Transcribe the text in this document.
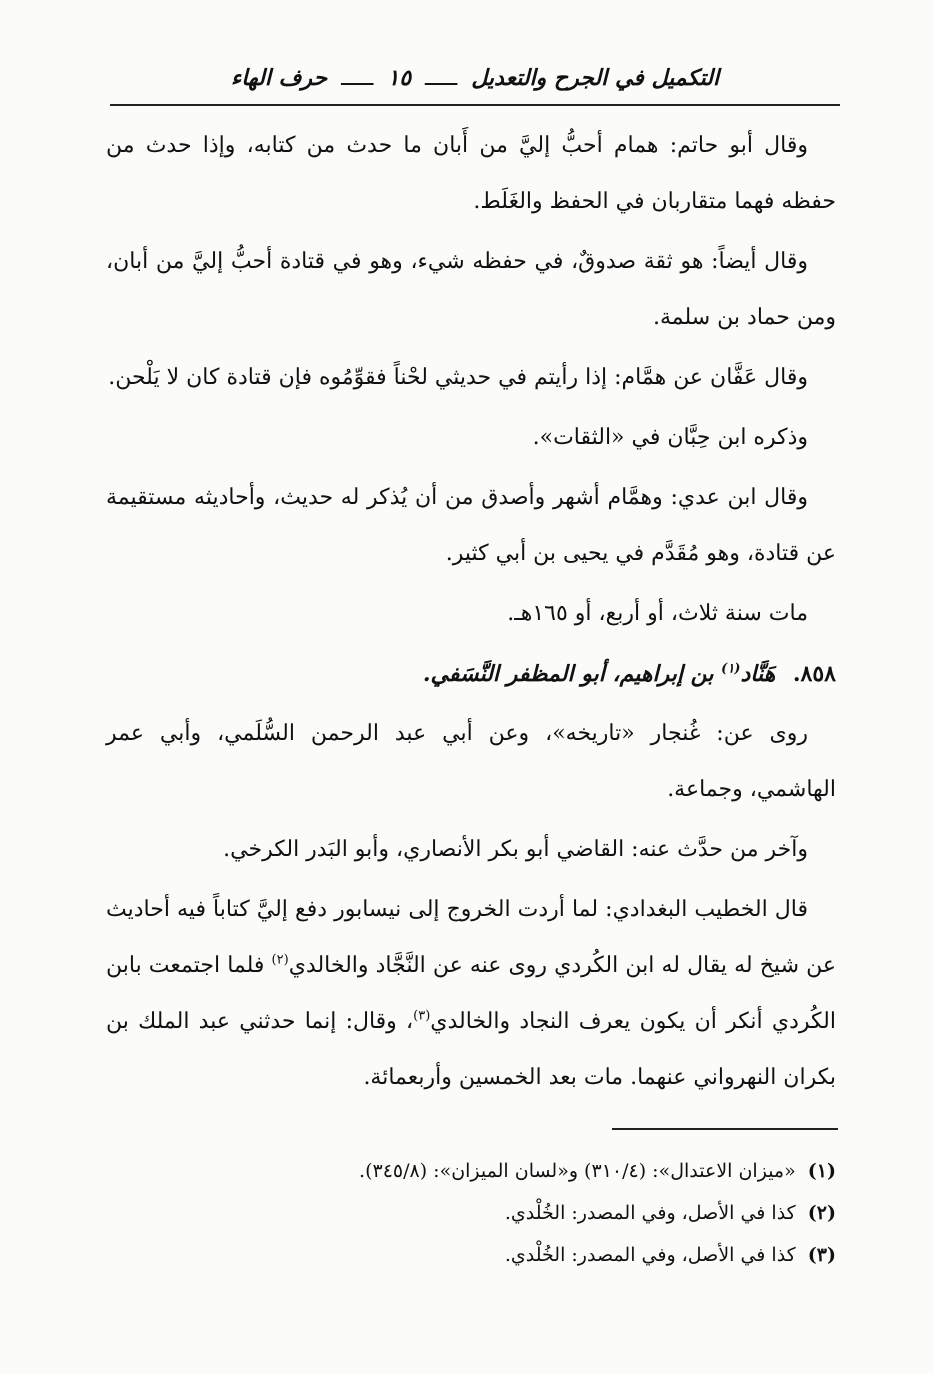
التكميل في الجرح والتعديل
ـــــ
١٥
ـــــ
حرف الهاء

وقال أبو حاتم: همام أحبُّ إليَّ من أَبان ما حدث من كتابه، وإذا حدث من حفظه فهما متقاربان في الحفظ والغَلَط.

وقال أيضاً: هو ثقة صدوقٌ، في حفظه شيء، وهو في قتادة أحبُّ إليَّ من أبان، ومن حماد بن سلمة.

وقال عَفَّان عن همَّام: إذا رأيتم في حديثي لحْناً فقوِّمُوه فإن قتادة كان لا يَلْحن.

وذكره ابن حِبَّان في «الثقات».

وقال ابن عدي: وهمَّام أشهر وأصدق من أن يُذكر له حديث، وأحاديثه مستقيمة عن قتادة، وهو مُقَدَّم في يحيى بن أبي كثير.

مات سنة ثلاث، أو أربع، أو ١٦٥هـ.

٨٥٨. هَنَّاد$^{(١)}$ بن إبراهيم، أبو المظفر النَّسَفي.

روى عن: غُنجار «تاريخه»، وعن أبي عبد الرحمن السُّلَمي، وأبي عمر الهاشمي، وجماعة.

وآخر من حدَّث عنه: القاضي أبو بكر الأنصاري، وأبو البَدر الكرخي.

قال الخطيب البغدادي: لما أردت الخروج إلى نيسابور دفع إليَّ كتاباً فيه أحاديث عن شيخ له يقال له ابن الكُردي روى عنه عن النَّجَّاد والخالدي$^{(٢)}$ فلما اجتمعت بابن الكُردي أنكر أن يكون يعرف النجاد والخالدي$^{(٣)}$، وقال: إنما حدثني عبد الملك بن بكران النهرواني عنهما. مات بعد الخمسين وأربعمائة.

(١) «ميزان الاعتدال»: (٣١٠/٤) و«لسان الميزان»: (٣٤٥/٨).

(٢) كذا في الأصل، وفي المصدر: الخُلْدي.

(٣) كذا في الأصل، وفي المصدر: الخُلْدي.
